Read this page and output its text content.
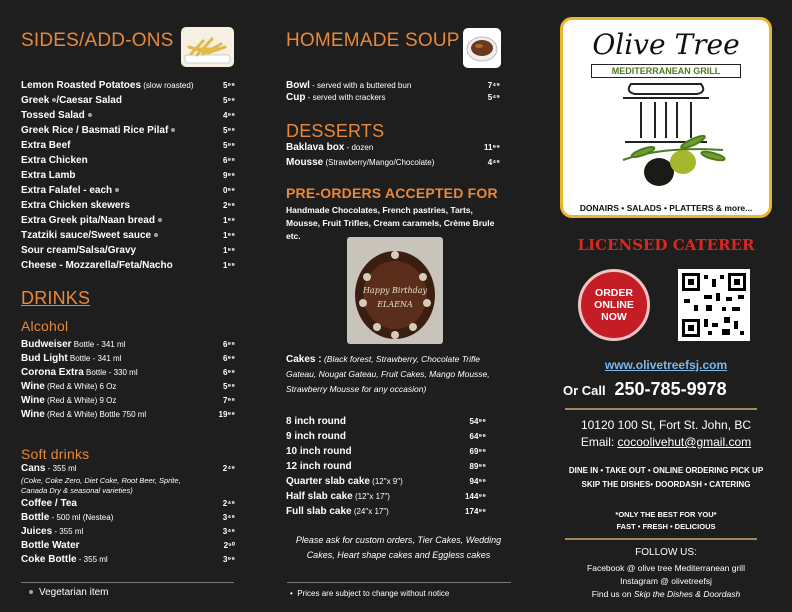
SIDES/ADD-ONS
Lemon Roasted Potatoes (slow roasted)	5⁹⁹
Greek /Caesar Salad	5⁹⁹
Tossed Salad	4⁹⁹
Greek Rice / Basmati Rice Pilaf	5⁹⁹
Extra Beef	5⁹⁹
Extra Chicken	6⁹⁹
Extra Lamb	9⁹⁹
Extra Falafel - each	0⁹⁹
Extra Chicken skewers	2⁹⁹
Extra Greek pita/Naan bread	1⁹⁹
Tzatziki sauce/Sweet sauce	1⁹⁹
Sour cream/Salsa/Gravy	1⁹⁹
Cheese - Mozzarella/Feta/Nacho	1⁹⁹
DRINKS
Alcohol
Budweiser Bottle - 341 ml	6⁹⁹
Bud Light Bottle - 341 ml	6⁹⁹
Corona Extra Bottle - 330 ml	6⁹⁹
Wine (Red & White) 6 Oz	5⁹⁹
Wine (Red & White) 9 Oz	7⁹⁹
Wine (Red & White) Bottle 750 ml	19⁹⁹
Soft drinks
Cans - 355 ml	2⁴⁹
(Coke, Coke Zero, Diet Coke, Root Beer, Sprite, Canada Dry & seasonal varieties)
Coffee / Tea	2⁴⁹
Bottle - 500 ml (Nestea)	3⁴⁹
Juices - 355 ml	3⁴⁹
Bottle Water	2⁵⁰
Coke Bottle - 355 ml	3⁹⁹
Vegetarian item
HOMEMADE SOUP
Bowl - served with a buttered bun	7⁴⁹
Cup - served with crackers	5⁴⁹
DESSERTS
Baklava box - dozen	11⁹⁹
Mousse (Strawberry/Mango/Chocolate)	4⁴⁹
PRE-ORDERS ACCEPTED FOR
Handmade Chocolates, French pastries, Tarts, Mousse, Fruit Trifles, Cream caramels, Crème Brule etc.
Happy Birthday
ELAENA
Cakes : (Black forest, Strawberry, Chocolate Trifle Gateau, Nougat Gateau, Fruit Cakes, Mango Mousse, Strawberry Mousse for any occasion)
8 inch round	54⁹⁹
9 inch round	64⁹⁹
10 inch round	69⁹⁹
12 inch round	89⁹⁹
Quarter slab cake (12"x 9")	94⁹⁹
Half slab cake (12"x 17")	144⁹⁹
Full slab cake (24"x 17")	174⁹⁹
Please ask for custom orders, Tier Cakes, Wedding Cakes, Heart shape cakes and Eggless cakes
•  Prices are subject to change without notice
Olive Tree
MEDITERRANEAN GRILL
DONAIRS • SALADS • PLATTERS & more...
LICENSED CATERER
ORDER ONLINE NOW
www.olivetreefsj.com
Or Call 250-785-9978
10120 100 St, Fort St. John, BC
Email: cocoolivehut@gmail.com
DINE IN • TAKE OUT • ONLINE ORDERING PICK UP
SKIP THE DISHES• DOORDASH • CATERING
*ONLY THE BEST FOR YOU*
FAST • FRESH • DELICIOUS
FOLLOW US:
Facebook @ olive tree Mediterranean grill
Instagram @ olivetreefsj
Find us on Skip the Dishes & Doordash
